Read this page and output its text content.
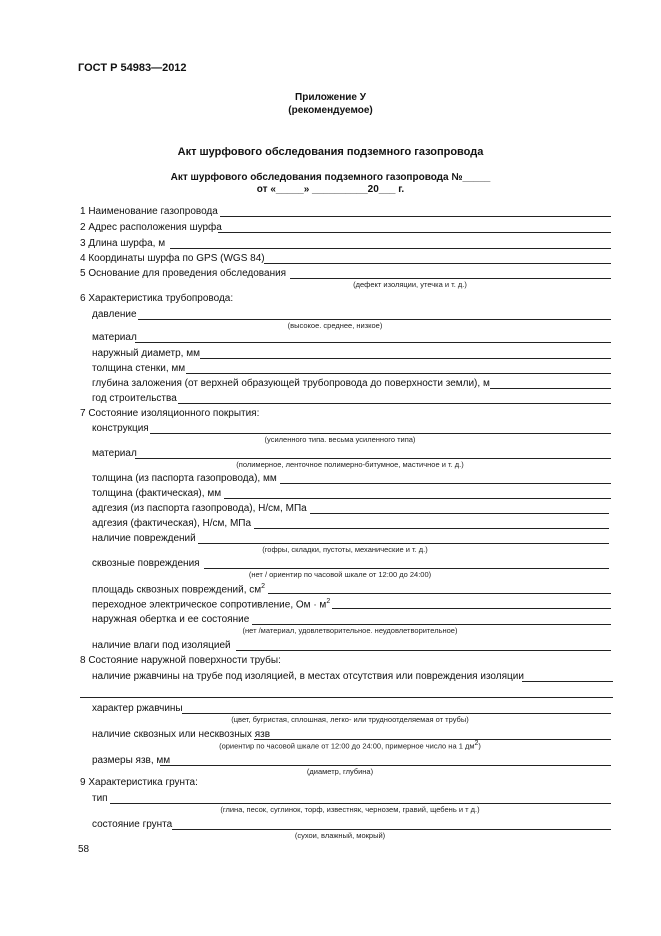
ГОСТ Р 54983—2012
Приложение У
(рекомендуемое)
Акт шурфового обследования подземного газопровода
Акт шурфового обследования подземного газопровода №_____
от «_____» __________20___ г.
1 Наименование газопровода
2 Адрес расположения шурфа
3 Длина шурфа, м
4 Координаты шурфа по GPS (WGS 84)
5 Основание для проведения обследования
(дефект изоляции, утечка и т. д.)
6 Характеристика трубопровода:
давление
(высокое. среднее, низкое)
материал
наружный диаметр, мм
толщина стенки, мм
глубина заложения (от верхней образующей трубопровода до поверхности земли), м
год строительства
7 Состояние изоляционного покрытия:
конструкция
(усиленного типа. весьма усиленного типа)
материал
(полимерное, ленточное полимерно-битумное, мастичное и т. д.)
толщина (из паспорта газопровода), мм
толщина (фактическая), мм
адгезия (из паспорта газопровода), Н/см, МПа
адгезия (фактическая), Н/см, МПа
наличие повреждений
(гофры, складки, пустоты, механические и т. д.)
сквозные повреждения
(нет / ориентир по часовой шкале от 12:00 до 24:00)
площадь сквозных повреждений, $см^2$
переходное электрическое сопротивление, Ом · $м^2$
наружная обертка и ее состояние
(нет /материал, удовлетворительное. неудовлетворительное)
наличие влаги под изоляцией
8 Состояние наружной поверхности трубы:
наличие ржавчины на трубе под изоляцией, в местах отсутствия или повреждения изоляции
характер ржавчины
(цвет, бугристая, сплошная, легко- или трудноотделяемая от трубы)
наличие сквозных или несквозных язв
(ориентир по часовой шкале от 12:00 до 24:00, примерное число на 1 $дм^2$)
размеры язв, мм
(диаметр, глубина)
9 Характеристика грунта:
тип
(глина, песок, суглинок, торф, известняк, чернозем, гравий, щебень и т д.)
состояние грунта
(сухои, влажный, мокрый)
58
